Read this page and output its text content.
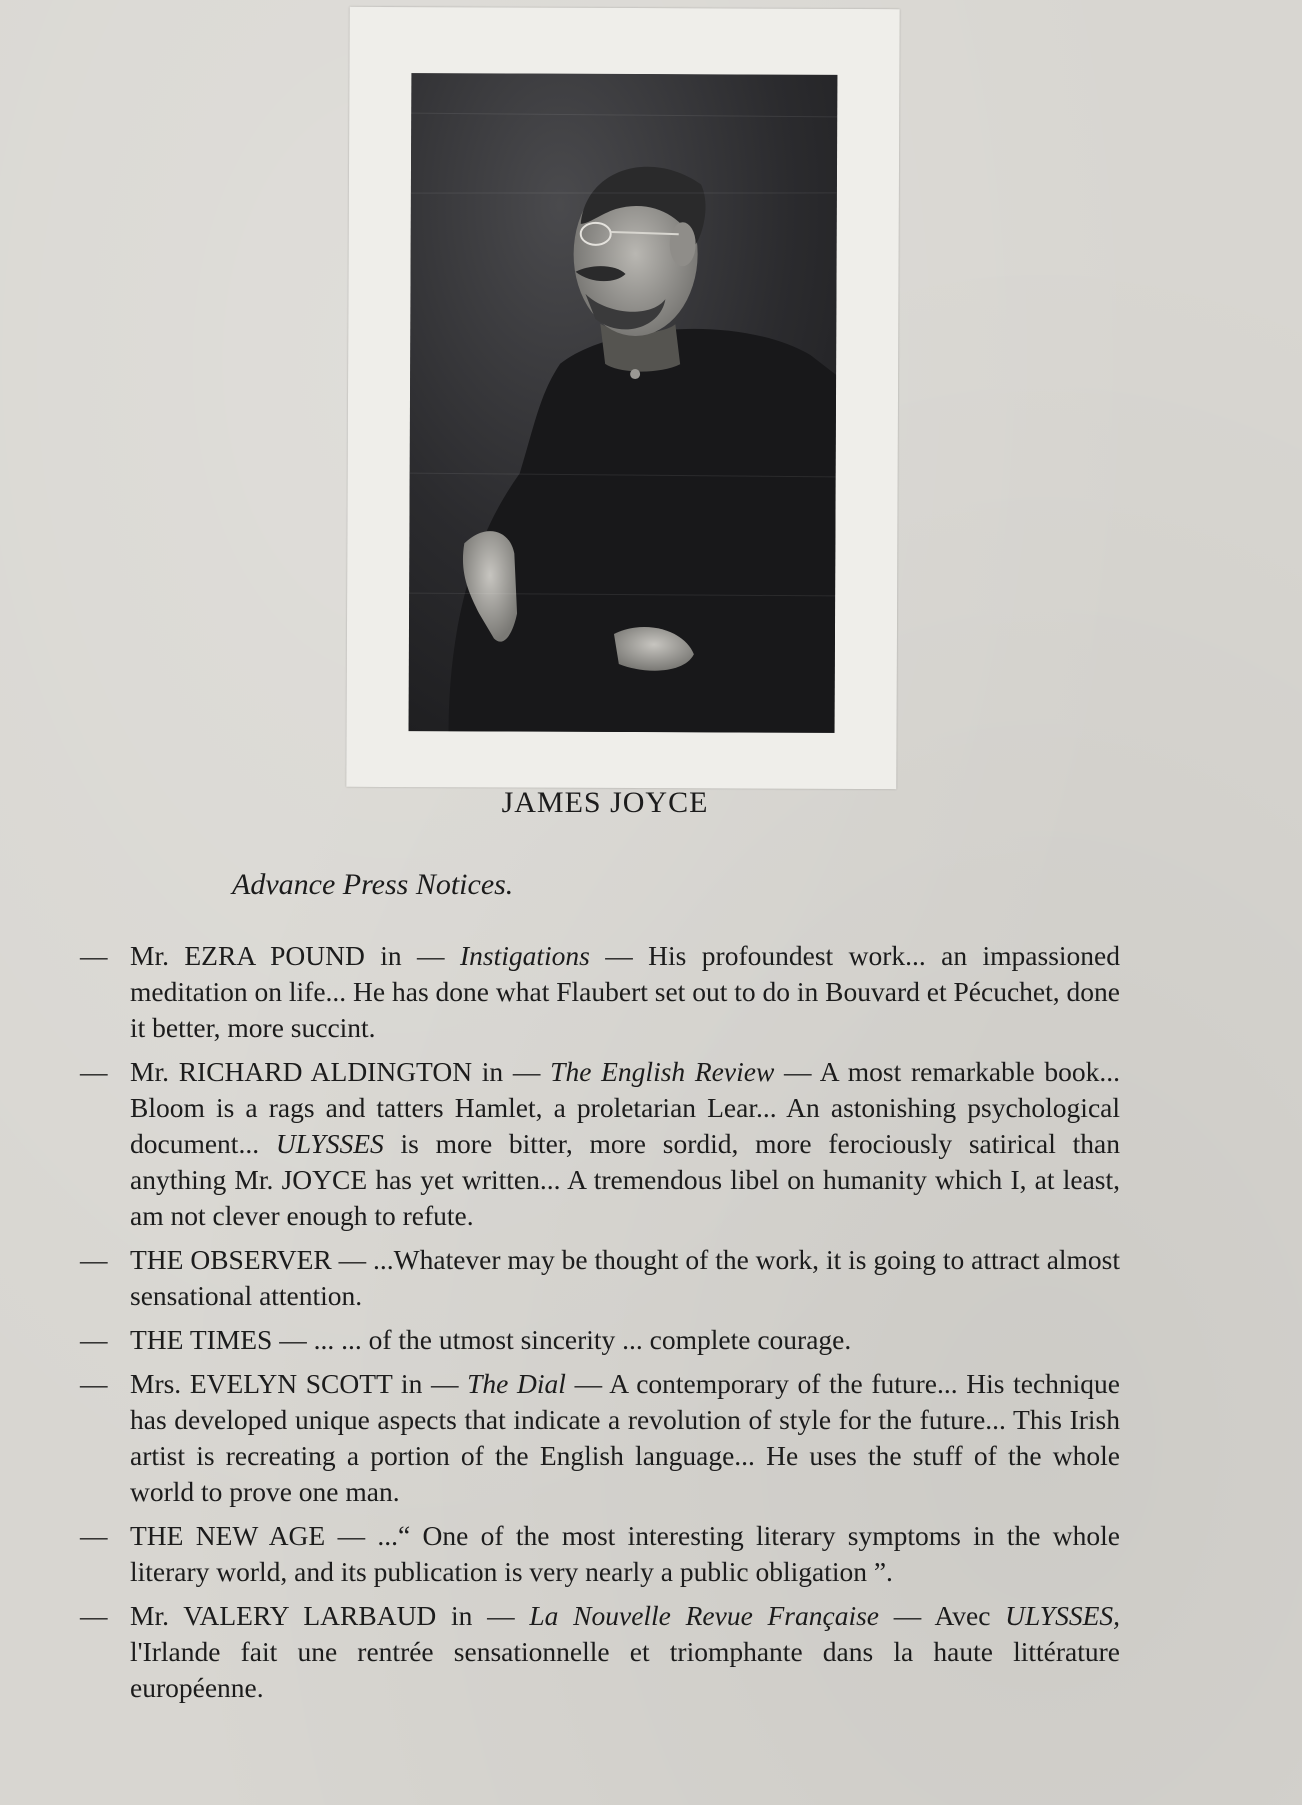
JAMES JOYCE
Advance Press Notices.
— Mr. EZRA POUND in — Instigations — His profoundest work... an impassioned meditation on life... He has done what Flaubert set out to do in Bouvard et Pécuchet, done it better, more succint.
— Mr. RICHARD ALDINGTON in — The English Review — A most remarkable book... Bloom is a rags and tatters Hamlet, a proletarian Lear... An astonishing psychological document... ULYSSES is more bitter, more sordid, more ferociously satirical than anything Mr. JOYCE has yet written... A tremendous libel on humanity which I, at least, am not clever enough to refute.
— THE OBSERVER — ...Whatever may be thought of the work, it is going to attract almost sensational attention.
— THE TIMES — ... ... of the utmost sincerity ... complete courage.
— Mrs. EVELYN SCOTT in — The Dial — A contemporary of the future... His technique has developed unique aspects that indicate a revolution of style for the future... This Irish artist is recreating a portion of the English language... He uses the stuff of the whole world to prove one man.
— THE NEW AGE — ...“ One of the most interesting literary symptoms in the whole literary world, and its publication is very nearly a public obligation ”.
— Mr. VALERY LARBAUD in — La Nouvelle Revue Française — Avec ULYSSES, l'Irlande fait une rentrée sensationnelle et triomphante dans la haute littérature européenne.
